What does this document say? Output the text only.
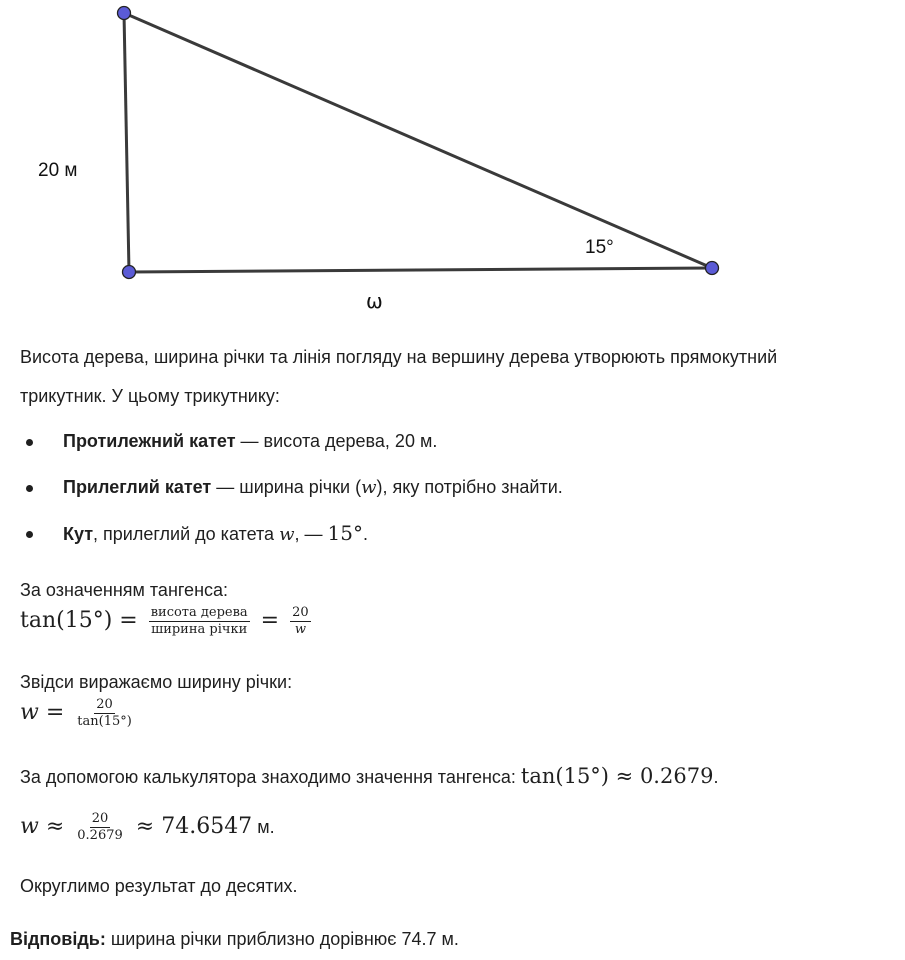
20 м
15°
ω
Висота дерева, ширина річки та лінія погляду на вершину дерева утворюють прямокутний
трикутник. У цьому трикутнику:
Протилежний катет — висота дерева, 20 м.
Прилеглий катет — ширина річки (w), яку потрібно знайти.
Кут, прилеглий до катета w, — 15°.
За означенням тангенса:
$\tan(15^\circ) = \frac{\text{висота дерева}}{\text{ширина річки}} = \frac{20}{w}$
Звідси виражаємо ширину річки:
$w = \frac{20}{\tan(15^\circ)}$
За допомогою калькулятора знаходимо значення тангенса: tan(15°) ≈ 0.2679.
$w \approx \frac{20}{0.2679} \approx 74.6547$ м.
Округлимо результат до десятих.
Відповідь: ширина річки приблизно дорівнює 74.7 м.
